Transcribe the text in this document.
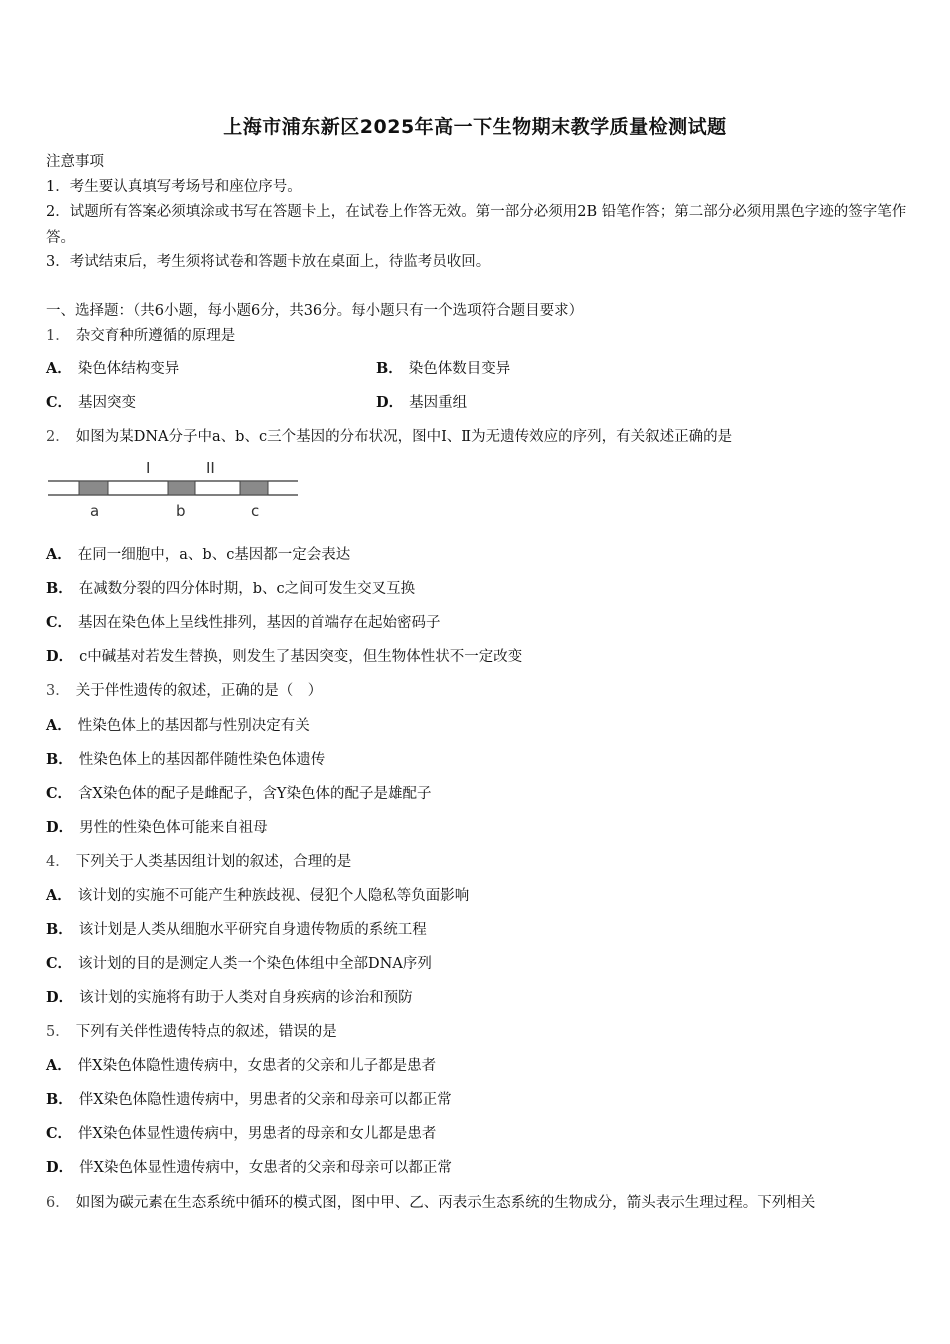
上海市浦东新区2025年高一下生物期末教学质量检测试题
注意事项
1．考生要认真填写考场号和座位序号。
2．试题所有答案必须填涂或书写在答题卡上，在试卷上作答无效。第一部分必须用2B 铅笔作答；第二部分必须用黑色字迹的签字笔作答。
3．考试结束后，考生须将试卷和答题卡放在桌面上，待监考员收回。
一、选择题：（共6小题，每小题6分，共36分。每小题只有一个选项符合题目要求）
1． 杂交育种所遵循的原理是
A． 染色体结构变异	B． 染色体数目变异
C． 基因突变	D． 基因重组
2． 如图为某DNA分子中a、b、c三个基因的分布状况，图中Ⅰ、Ⅱ为无遗传效应的序列，有关叙述正确的是
I	II
a	b	c
A． 在同一细胞中，a、b、c基因都一定会表达
B． 在减数分裂的四分体时期，b、c之间可发生交叉互换
C． 基因在染色体上呈线性排列，基因的首端存在起始密码子
D． c中碱基对若发生替换，则发生了基因突变，但生物体性状不一定改变
3． 关于伴性遗传的叙述，正确的是（　）
A． 性染色体上的基因都与性别决定有关
B． 性染色体上的基因都伴随性染色体遗传
C． 含X染色体的配子是雌配子，含Y染色体的配子是雄配子
D． 男性的性染色体可能来自祖母
4． 下列关于人类基因组计划的叙述，合理的是
A． 该计划的实施不可能产生种族歧视、侵犯个人隐私等负面影响
B． 该计划是人类从细胞水平研究自身遗传物质的系统工程
C． 该计划的目的是测定人类一个染色体组中全部DNA序列
D． 该计划的实施将有助于人类对自身疾病的诊治和预防
5． 下列有关伴性遗传特点的叙述，错误的是
A． 伴X染色体隐性遗传病中，女患者的父亲和儿子都是患者
B． 伴X染色体隐性遗传病中，男患者的父亲和母亲可以都正常
C． 伴X染色体显性遗传病中，男患者的母亲和女儿都是患者
D． 伴X染色体显性遗传病中，女患者的父亲和母亲可以都正常
6． 如图为碳元素在生态系统中循环的模式图，图中甲、乙、丙表示生态系统的生物成分，箭头表示生理过程。下列相关
